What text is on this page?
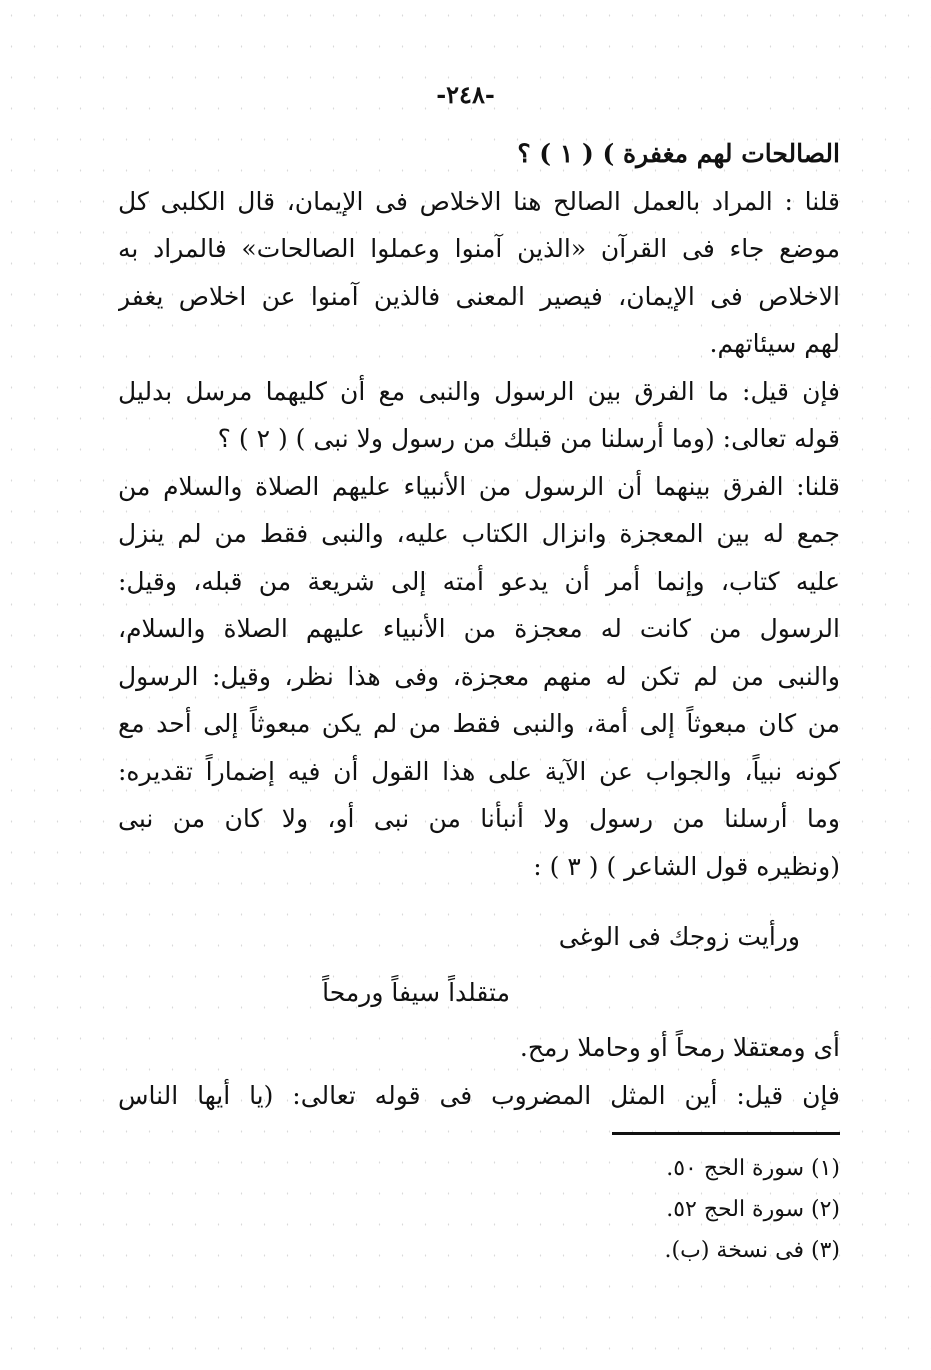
-٢٤٨-
الصالحات لهم مغفرة ) ( ١ ) ؟
قلنا : المراد بالعمل الصالح هنا الاخلاص فى الإيمان، قال الكلبى كل
موضع جاء فى القرآن «الذين آمنوا وعملوا الصالحات» فالمراد به
الاخلاص فى الإيمان، فيصير المعنى فالذين آمنوا عن اخلاص يغفر
لهم سيئاتهم.
فإن قيل: ما الفرق بين الرسول والنبى مع أن كليهما مرسل بدليل
قوله تعالى: (وما أرسلنا من قبلك من رسول ولا نبى ) ( ٢ ) ؟
قلنا: الفرق بينهما أن الرسول من الأنبياء عليهم الصلاة والسلام من
جمع له بين المعجزة وانزال الكتاب عليه، والنبى فقط من لم ينزل
عليه كتاب، وإنما أمر أن يدعو أمته إلى شريعة من قبله، وقيل:
الرسول من كانت له معجزة من الأنبياء عليهم الصلاة والسلام،
والنبى من لم تكن له منهم معجزة، وفى هذا نظر، وقيل: الرسول
من كان مبعوثاً إلى أمة، والنبى فقط من لم يكن مبعوثاً إلى أحد مع
كونه نبياً، والجواب عن الآية على هذا القول أن فيه إضماراً تقديره:
وما أرسلنا من رسول ولا أنبأنا من نبى أو، ولا كان من نبى
(ونظيره قول الشاعر ) ( ٣ ) :
ورأيت زوجك فى الوغى
متقلداً سيفاً ورمحاً
أى ومعتقلا رمحاً أو وحاملا رمح.
فإن قيل: أين المثل المضروب فى قوله تعالى: (يا أيها الناس
(١) سورة الحج ٥٠.
(٢) سورة الحج ٥٢.
(٣) فى نسخة (ب).
